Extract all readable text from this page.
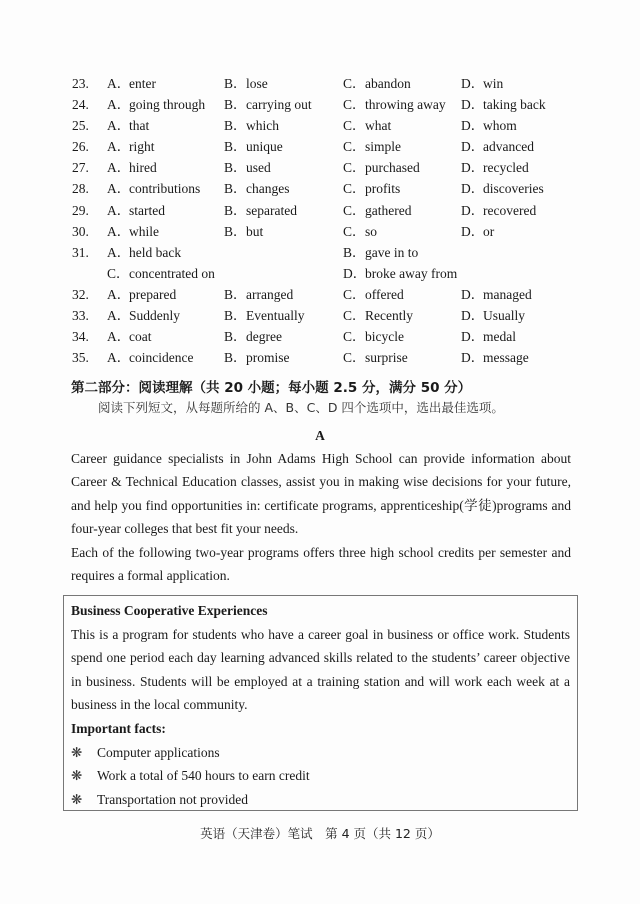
23. A．enter	B．lose	C．abandon	D．win
24. A．going through B．carrying out C．throwing away D．taking back
25. A．that	B．which	C．what	D．whom
26. A．right	B．unique	C．simple	D．advanced
27. A．hired	B．used	C．purchased	D．recycled
28. A．contributions B．changes	C．profits	D．discoveries
29. A．started	B．separated	C．gathered	D．recovered
30. A．while	B．but	C．so	D．or
31. A．held back	B．gave in to
C．concentrated on	D．broke away from
32. A．prepared	B．arranged	C．offered	D．managed
33. A．Suddenly	B．Eventually	C．Recently	D．Usually
34. A．coat	B．degree	C．bicycle	D．medal
35. A．coincidence B．promise	C．surprise	D．message
第二部分：阅读理解（共 20 小题；每小题 2.5 分，满分 50 分）
阅读下列短文，从每题所给的 A、B、C、D 四个选项中，选出最佳选项。
A
Career guidance specialists in John Adams High School can provide information about Career & Technical Education classes, assist you in making wise decisions for your future, and help you find opportunities in: certificate programs, apprenticeship(学徒)programs and four-year colleges that best fit your needs.
Each of the following two-year programs offers three high school credits per semester and requires a formal application.
Business Cooperative Experiences
This is a program for students who have a career goal in business or office work. Students spend one period each day learning advanced skills related to the students’ career objective in business. Students will be employed at a training station and will work each week at a business in the local community.
Important facts:
❋	Computer applications
❋	Work a total of 540 hours to earn credit
❋	Transportation not provided
英语（天津卷）笔试　第 4 页（共 12 页）
